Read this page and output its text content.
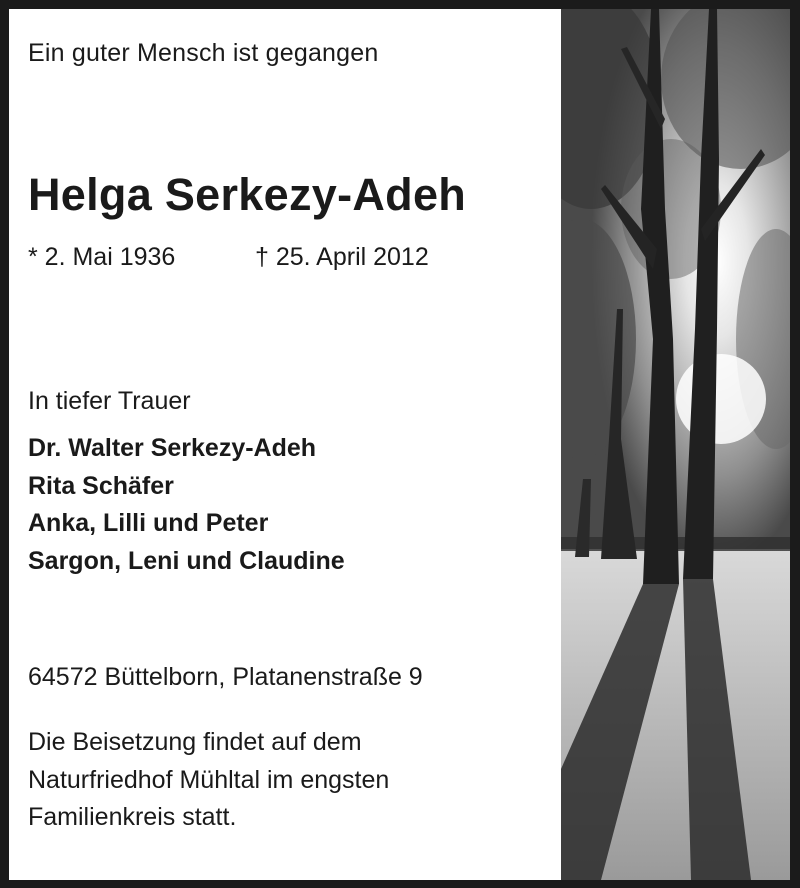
Ein guter Mensch ist gegangen
Helga Serkezy-Adeh
* 2. Mai 1936	† 25. April 2012
In tiefer Trauer
Dr. Walter Serkezy-Adeh
Rita Schäfer
Anka, Lilli und Peter
Sargon, Leni und Claudine
64572 Büttelborn, Platanenstraße 9
Die Beisetzung findet auf dem
Naturfriedhof Mühltal im engsten
Familienkreis statt.
